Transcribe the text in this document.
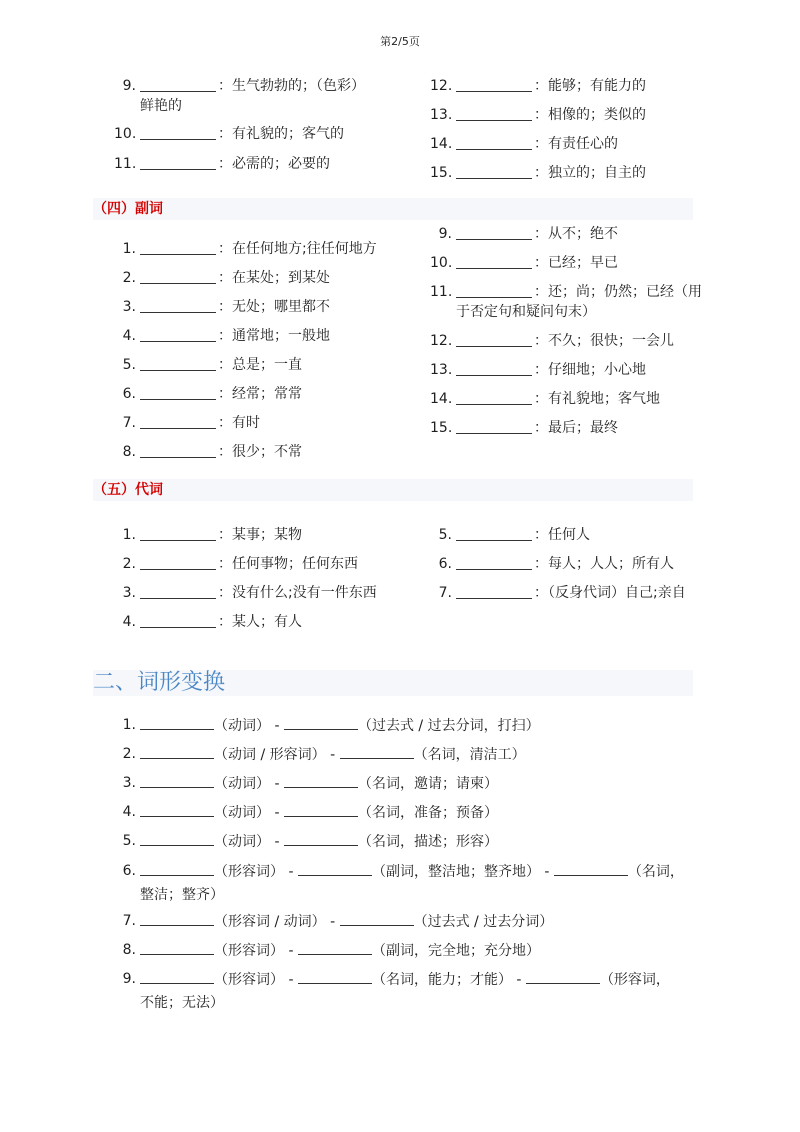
第2/5页
9.	：生气勃勃的；（色彩）
鲜艳的
10.	：有礼貌的；客气的
11.	：必需的；必要的
12.	：能够；有能力的
13.	：相像的；类似的
14.	：有责任心的
15.	：独立的；自主的
（四）副词
1.	：在任何地方;往任何地方
2.	：在某处；到某处
3.	：无处；哪里都不
4.	：通常地；一般地
5.	：总是；一直
6.	：经常；常常
7.	：有时
8.	：很少；不常
9.	：从不；绝不
10.	：已经；早已
11.	：还；尚；仍然；已经（用
于否定句和疑问句末）
12.	：不久；很快；一会儿
13.	：仔细地；小心地
14.	：有礼貌地；客气地
15.	：最后；最终
（五）代词
1.	：某事；某物
2.	：任何事物；任何东西
3.	：没有什么;没有一件东西
4.	：某人；有人
5.	：任何人
6.	：每人；人人；所有人
7.	：（反身代词）自己;亲自
二、词形变换
1.	（动词） -	（过去式 / 过去分词，打扫）
2.	（动词 / 形容词） -	（名词，清洁工）
3.	（动词） -	（名词，邀请；请柬）
4.	（动词） -	（名词，准备；预备）
5.	（动词） -	（名词，描述；形容）
6.	（形容词） -	（副词，整洁地；整齐地） -	（名词，
整洁；整齐）
7.	（形容词 / 动词） -	（过去式 / 过去分词）
8.	（形容词） -	（副词，完全地；充分地）
9.	（形容词） -	（名词，能力；才能） -	（形容词，
不能；无法）
